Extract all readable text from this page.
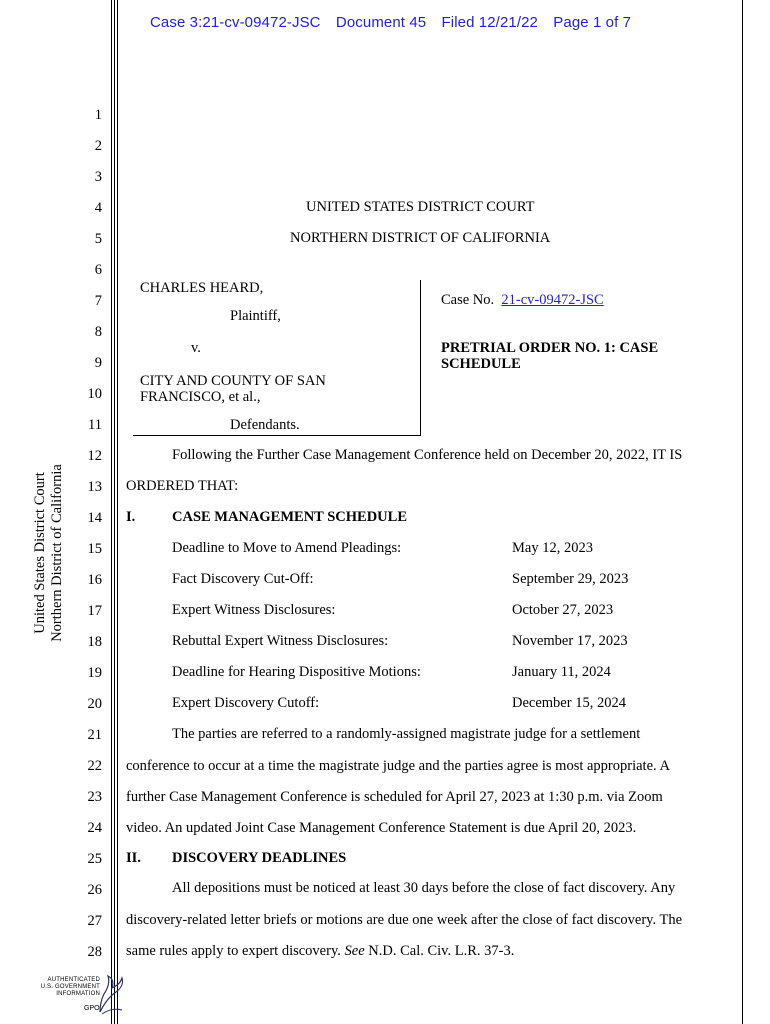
Case 3:21-cv-09472-JSC Document 45 Filed 12/21/22 Page 1 of 7
United States District Court Northern District of California
1
2
3
4
5
6
7
8
9
10
11
12
13
14
15
16
17
18
19
20
21
22
23
24
25
26
27
28
UNITED STATES DISTRICT COURT
NORTHERN DISTRICT OF CALIFORNIA
CHARLES HEARD,
Plaintiff,
v.
CITY AND COUNTY OF SAN
FRANCISCO, et al.,
Defendants.
Case No. 21-cv-09472-JSC
PRETRIAL ORDER NO. 1: CASE
SCHEDULE
Following the Further Case Management Conference held on December 20, 2022, IT IS
ORDERED THAT:
I.	CASE MANAGEMENT SCHEDULE
Deadline to Move to Amend Pleadings:	May 12, 2023
Fact Discovery Cut-Off:	September 29, 2023
Expert Witness Disclosures:	October 27, 2023
Rebuttal Expert Witness Disclosures:	November 17, 2023
Deadline for Hearing Dispositive Motions:	January 11, 2024
Expert Discovery Cutoff:	December 15, 2024
The parties are referred to a randomly-assigned magistrate judge for a settlement
conference to occur at a time the magistrate judge and the parties agree is most appropriate. A
further Case Management Conference is scheduled for April 27, 2023 at 1:30 p.m. via Zoom
video. An updated Joint Case Management Conference Statement is due April 20, 2023.
II. DISCOVERY DEADLINES
All depositions must be noticed at least 30 days before the close of fact discovery. Any
discovery-related letter briefs or motions are due one week after the close of fact discovery. The
same rules apply to expert discovery. See N.D. Cal. Civ. L.R. 37-3.
AUTHENTICATED
U.S. GOVERNMENT
INFORMATION
GPO
